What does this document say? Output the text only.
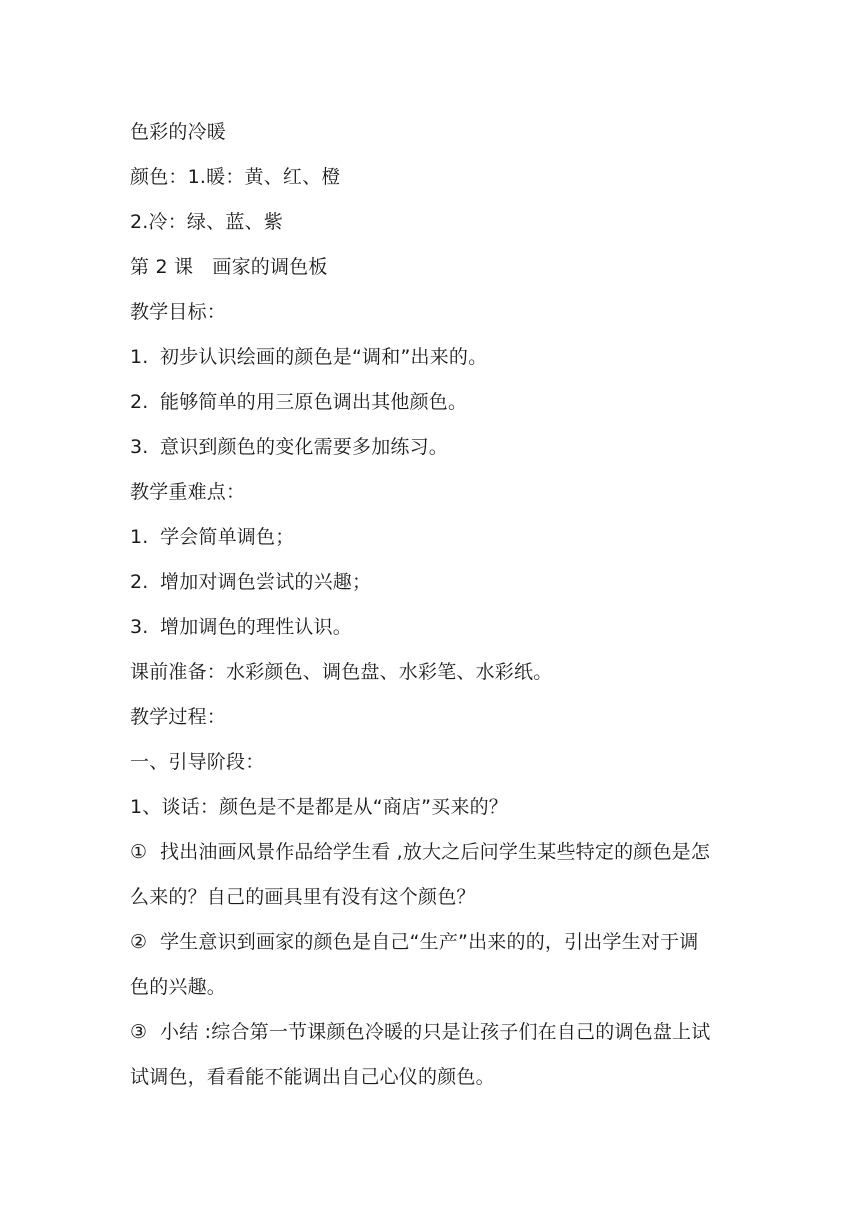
色彩的冷暖
颜色：1.暖：黄、红、橙
2.冷：绿、蓝、紫
第 2 课　画家的调色板
教学目标：
1. 初步认识绘画的颜色是“调和”出来的。
2. 能够简单的用三原色调出其他颜色。
3. 意识到颜色的变化需要多加练习。
教学重难点：
1. 学会简单调色；
2. 增加对调色尝试的兴趣；
3. 增加调色的理性认识。
课前准备：水彩颜色、调色盘、水彩笔、水彩纸。
教学过程：
一、引导阶段：
1、谈话：颜色是不是都是从“商店”买来的？
① 找出油画风景作品给学生看 ,放大之后问学生某些特定的颜色是怎
么来的？自己的画具里有没有这个颜色？
② 学生意识到画家的颜色是自己“生产”出来的的，引出学生对于调
色的兴趣。
③ 小结 :综合第一节课颜色冷暖的只是让孩子们在自己的调色盘上试
试调色，看看能不能调出自己心仪的颜色。
